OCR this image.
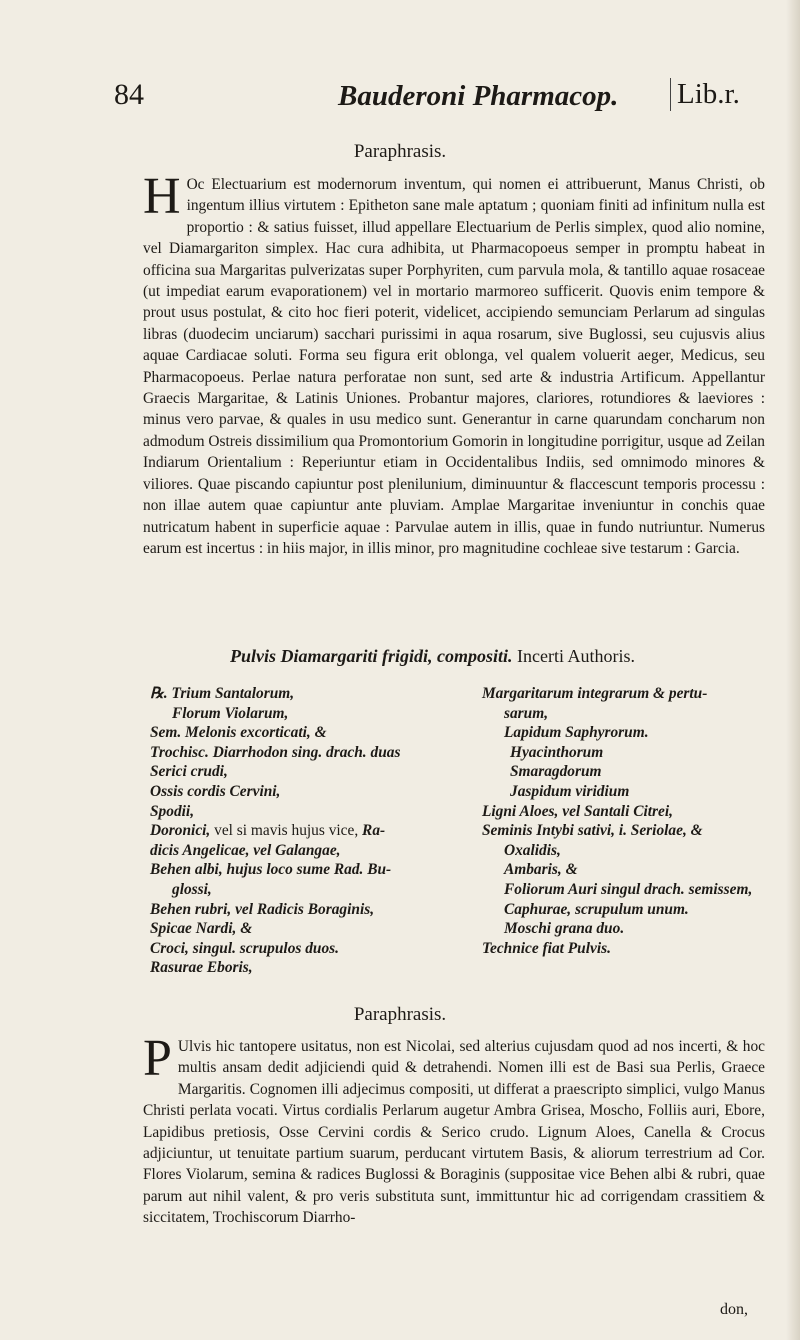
84	Bauderoni Pharmacop. Lib.r.
Paraphrasis.
H Oc Electuarium est modernorum inventum, qui nomen ei attribuerunt, Manus Christi, ob ingentum illius virtutem : Epitheton sane male aptatum ; quoniam finiti ad infinitum nulla est proportio : & satius fuisset, illud appellare Electuarium de Perlis simplex, quod alio nomine, vel Diamargariton simplex. Hac cura adhibita, ut Pharmacopoeus semper in promptu habeat in officina sua Margaritas pulverizatas super Porphyriten, cum parvula mola, & tantillo aquae rosaceae (ut impediat earum evaporationem) vel in mortario marmoreo sufficerit. Quovis enim tempore & prout usus postulat, & cito hoc fieri poterit, videlicet, accipiendo semunciam Perlarum ad singulas libras (duodecim unciarum) sacchari purissimi in aqua rosarum, sive Buglossi, seu cujusvis alius aquae Cardiacae soluti. Forma seu figura erit oblonga, vel qualem voluerit aeger, Medicus, seu Pharmacopoeus. Perlae natura perforatae non sunt, sed arte & industria Artificum. Appellantur Graecis Margaritae, & Latinis Uniones. Probantur majores, clariores, rotundiores & laeviores : minus vero parvae, & quales in usu medico sunt. Generantur in carne quarundam concharum non admodum Ostreis dissimilium qua Promontorium Gomorin in longitudine porrigitur, usque ad Zeilan Indiarum Orientalium : Reperiuntur etiam in Occidentalibus Indiis, sed omnimodo minores & viliores. Quae piscando capiuntur post plenilunium, diminuuntur & flaccescunt temporis processu : non illae autem quae capiuntur ante pluviam. Amplae Margaritae inveniuntur in conchis quae nutricatum habent in superficie aquae : Parvulae autem in illis, quae in fundo nutriuntur. Numerus earum est incertus : in hiis major, in illis minor, pro magnitudine cochleae sive testarum : Garcia.
Pulvis Diamargariti frigidi, compositi. Incerti Authoris.
℞. Trium Santalorum,
Florum Violarum,
Sem. Melonis excorticati, &
Trochisc. Diarrhodon sing. drach. duas
Serici crudi,
Ossis cordis Cervini,
Spodii,
Doronici, vel si mavis hujus vice, Ra-
dicis Angelicae, vel Galangae,
Behen albi, hujus loco sume Rad. Bu-
glossi,
Behen rubri, vel Radicis Boraginis,
Spicae Nardi, &
Croci, singul. scrupulos duos.
Rasurae Eboris,
Margaritarum integrarum & pertu-
sarum,
Lapidum Saphyrorum.
Hyacinthorum
Smaragdorum
Jaspidum viridium
Ligni Aloes, vel Santali Citrei,
Seminis Intybi sativi, i. Seriolae, &
Oxalidis,
Ambaris, &
Foliorum Auri singul drach. semissem,
Caphurae, scrupulum unum.
Moschi grana duo.
Technice fiat Pulvis.
Paraphrasis.
P Ulvis hic tantopere usitatus, non est Nicolai, sed alterius cujusdam quod ad nos incerti, & hoc multis ansam dedit adjiciendi quid & detrahendi. Nomen illi est de Basi sua Perlis, Graece Margaritis. Cognomen illi adjecimus compositi, ut differat a praescripto simplici, vulgo Manus Christi perlata vocati. Virtus cordialis Perlarum augetur Ambra Grisea, Moscho, Folliis auri, Ebore, Lapidibus pretiosis, Osse Cervini cordis & Serico crudo. Lignum Aloes, Canella & Crocus adjiciuntur, ut tenuitate partium suarum, perducant virtutem Basis, & aliorum terrestrium ad Cor. Flores Violarum, semina & radices Buglossi & Boraginis (suppositae vice Behen albi & rubri, quae parum aut nihil valent, & pro veris substituta sunt, immittuntur hic ad corrigendam crassitiem & siccitatem, Trochiscorum Diarrho-
don,
